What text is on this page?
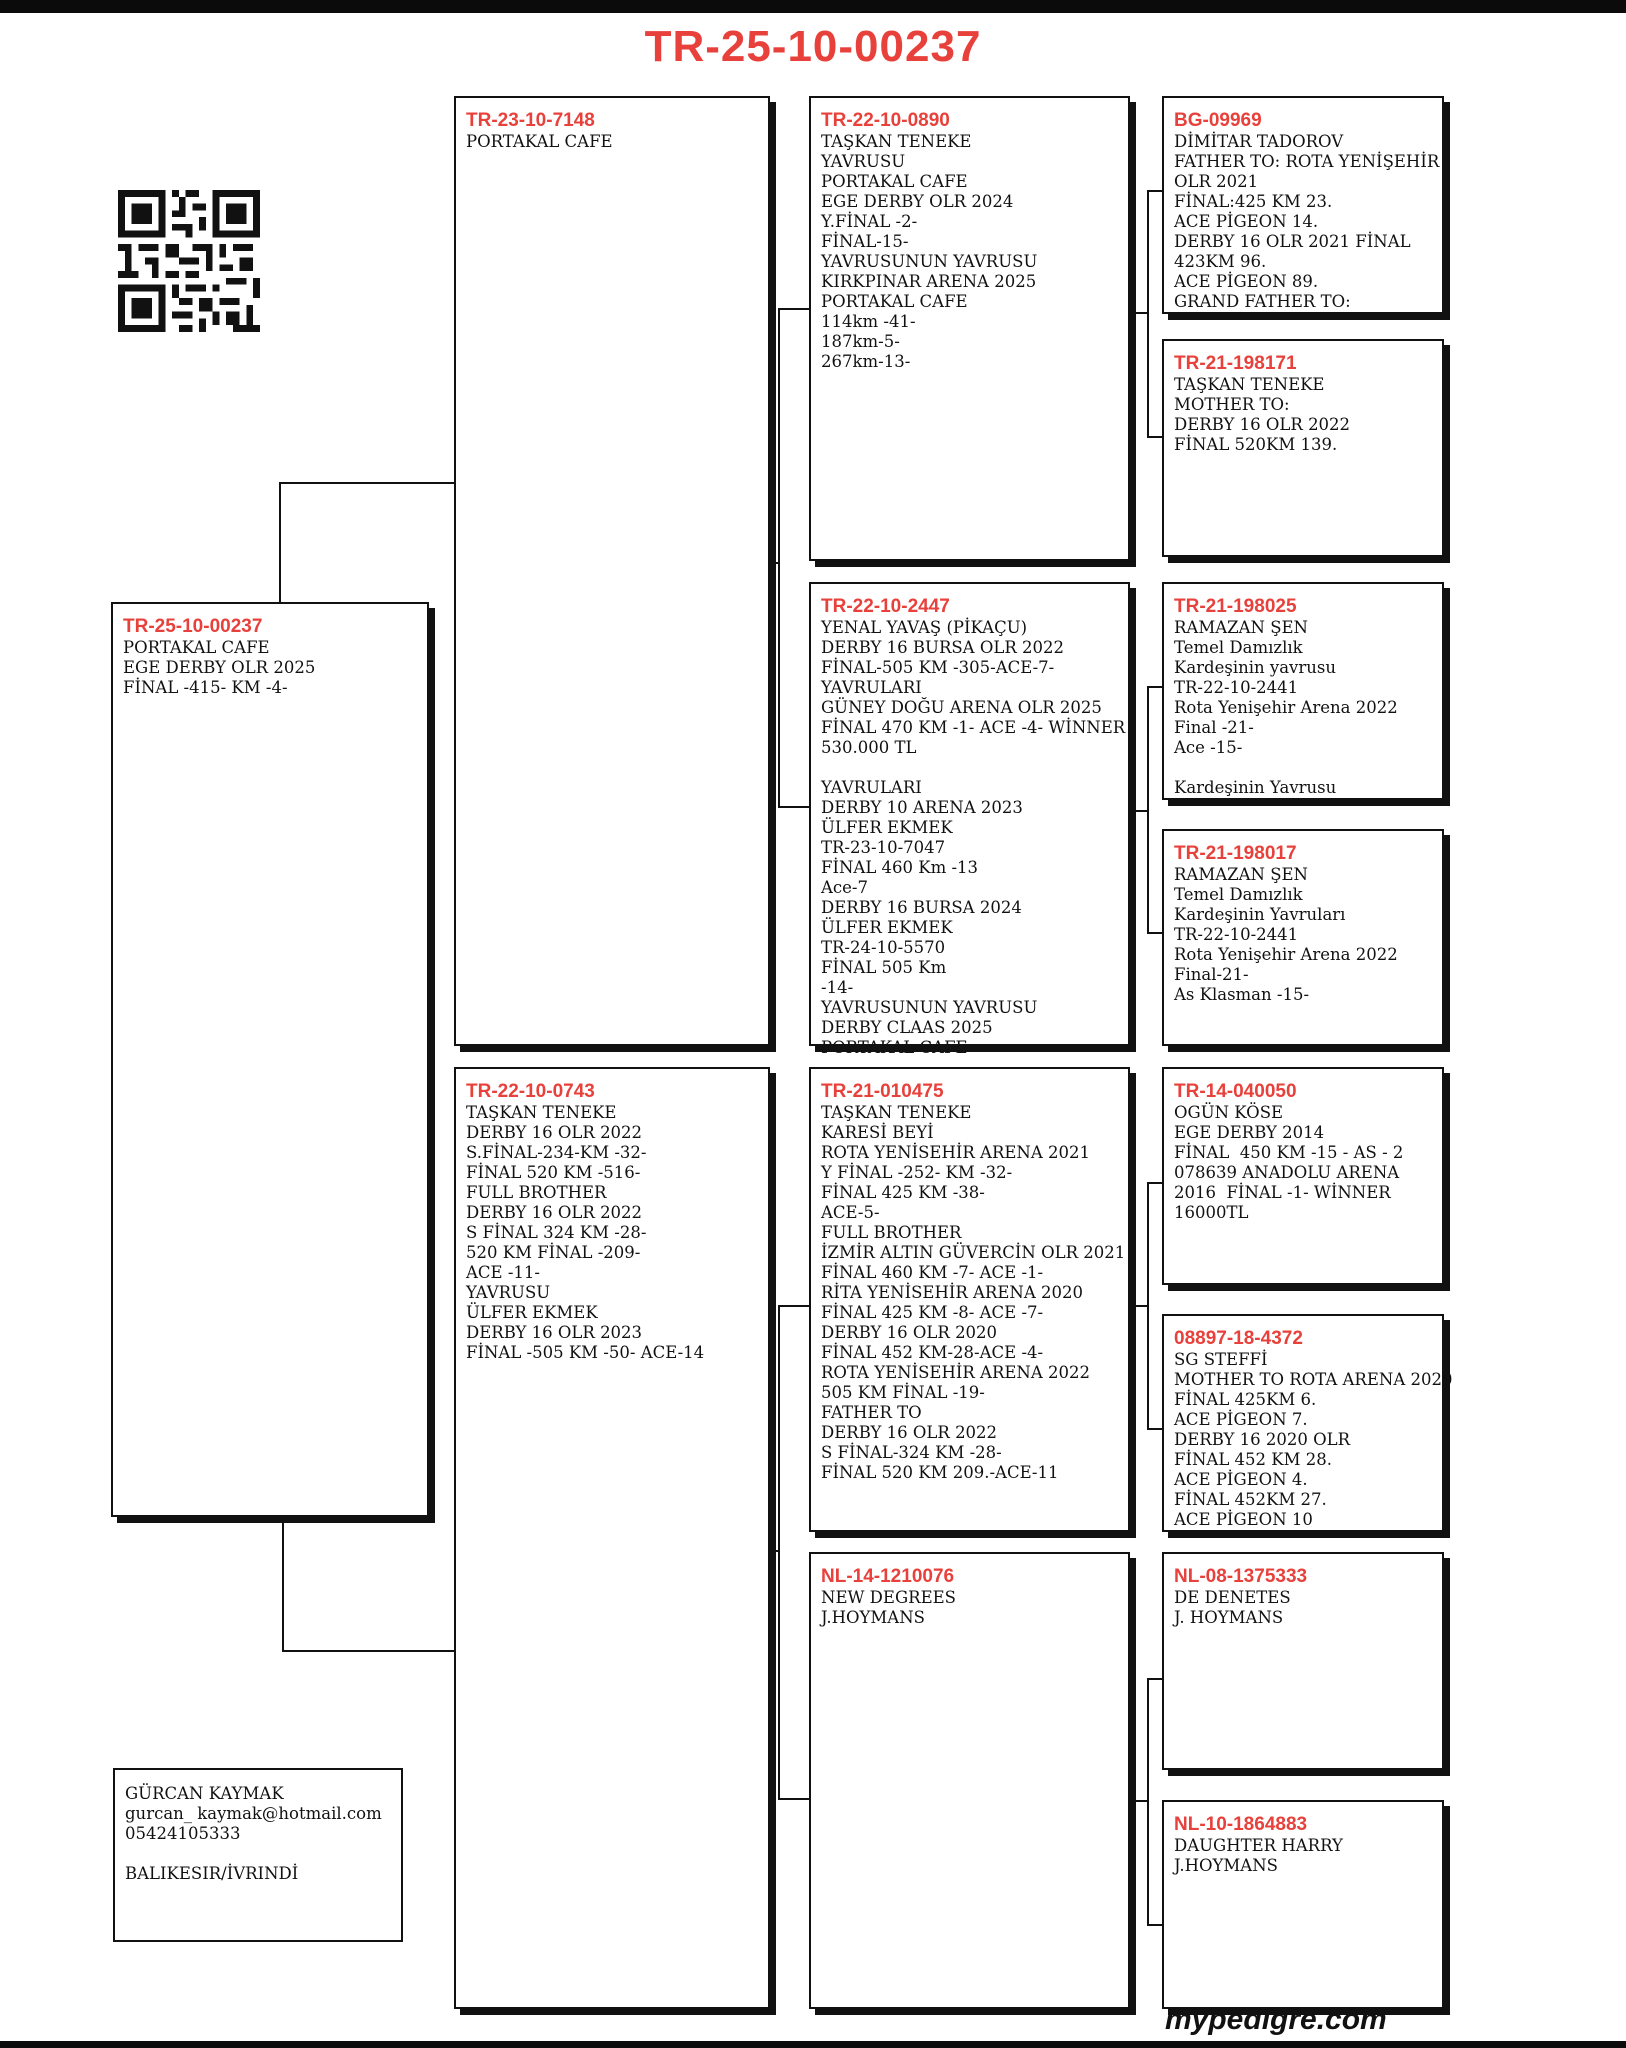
TR-25-10-00237
TR-25-10-00237
PORTAKAL CAFE
EGE DERBY OLR 2025
FİNAL -415- KM -4-
TR-23-10-7148
PORTAKAL CAFE
TR-22-10-0743
TAŞKAN TENEKE
DERBY 16 OLR 2022
S.FİNAL-234-KM -32-
FİNAL 520 KM -516-
FULL BROTHER
DERBY 16 OLR 2022
S FİNAL 324 KM -28-
520 KM FİNAL -209-
ACE -11-
YAVRUSU
ÜLFER EKMEK
DERBY 16 OLR 2023
FİNAL -505 KM -50- ACE-14
TR-22-10-0890
TAŞKAN TENEKE
YAVRUSU
PORTAKAL CAFE
EGE DERBY OLR 2024
Y.FİNAL -2-
FİNAL-15-
YAVRUSUNUN YAVRUSU
KIRKPINAR ARENA 2025
PORTAKAL CAFE
114km -41-
187km-5-
267km-13-
TR-22-10-2447
YENAL YAVAŞ (PİKAÇU)
DERBY 16 BURSA OLR 2022
FİNAL-505 KM -305-ACE-7-
YAVRULARI
GÜNEY DOĞU ARENA OLR 2025
FİNAL 470 KM -1- ACE -4- WİNNER
530.000 TL
YAVRULARI
DERBY 10 ARENA 2023
ÜLFER EKMEK
TR-23-10-7047
FİNAL 460 Km -13
Ace-7
DERBY 16 BURSA 2024
ÜLFER EKMEK
TR-24-10-5570
FİNAL 505 Km
-14-
YAVRUSUNUN YAVRUSU
DERBY CLAAS 2025
PORTAKAL CAFE
TR-21-010475
TAŞKAN TENEKE
KARESİ BEYİ
ROTA YENİSEHİR ARENA 2021
Y FİNAL -252- KM -32-
FİNAL 425 KM -38-
ACE-5-
FULL BROTHER
İZMİR ALTIN GÜVERCİN OLR 2021
FİNAL 460 KM -7- ACE -1-
RİTA YENİSEHİR ARENA 2020
FİNAL 425 KM -8- ACE -7-
DERBY 16 OLR 2020
FİNAL 452 KM-28-ACE -4-
ROTA YENİSEHİR ARENA 2022
505 KM FİNAL -19-
FATHER TO
DERBY 16 OLR 2022
S FİNAL-324 KM -28-
FİNAL 520 KM 209.-ACE-11
NL-14-1210076
NEW DEGREES
J.HOYMANS
BG-09969
DİMİTAR TADOROV
FATHER TO: ROTA YENİŞEHİR
OLR 2021
FİNAL:425 KM 23.
ACE PİGEON 14.
DERBY 16 OLR 2021 FİNAL
423KM 96.
ACE PİGEON 89.
GRAND FATHER TO:
TR-21-198171
TAŞKAN TENEKE
MOTHER TO:
DERBY 16 OLR 2022
FİNAL 520KM 139.
TR-21-198025
RAMAZAN ŞEN
Temel Damızlık
Kardeşinin yavrusu
TR-22-10-2441
Rota Yenişehir Arena 2022
Final -21-
Ace -15-
Kardeşinin Yavrusu
TR-21-198017
RAMAZAN ŞEN
Temel Damızlık
Kardeşinin Yavruları
TR-22-10-2441
Rota Yenişehir Arena 2022
Final-21-
As Klasman -15-
TR-14-040050
OGÜN KÖSE
EGE DERBY 2014
FİNAL  450 KM -15 - AS - 2
078639 ANADOLU ARENA
2016  FİNAL -1- WİNNER
16000TL
08897-18-4372
SG STEFFİ
MOTHER TO ROTA ARENA 2020
FİNAL 425KM 6.
ACE PİGEON 7.
DERBY 16 2020 OLR
FİNAL 452 KM 28.
ACE PİGEON 4.
FİNAL 452KM 27.
ACE PİGEON 10
NL-08-1375333
DE DENETES
J. HOYMANS
NL-10-1864883
DAUGHTER HARRY
J.HOYMANS
GÜRCAN KAYMAK
gurcan_ kaymak@hotmail.com
05424105333
BALIKESIR/İVRINDİ
mypedigre.com
